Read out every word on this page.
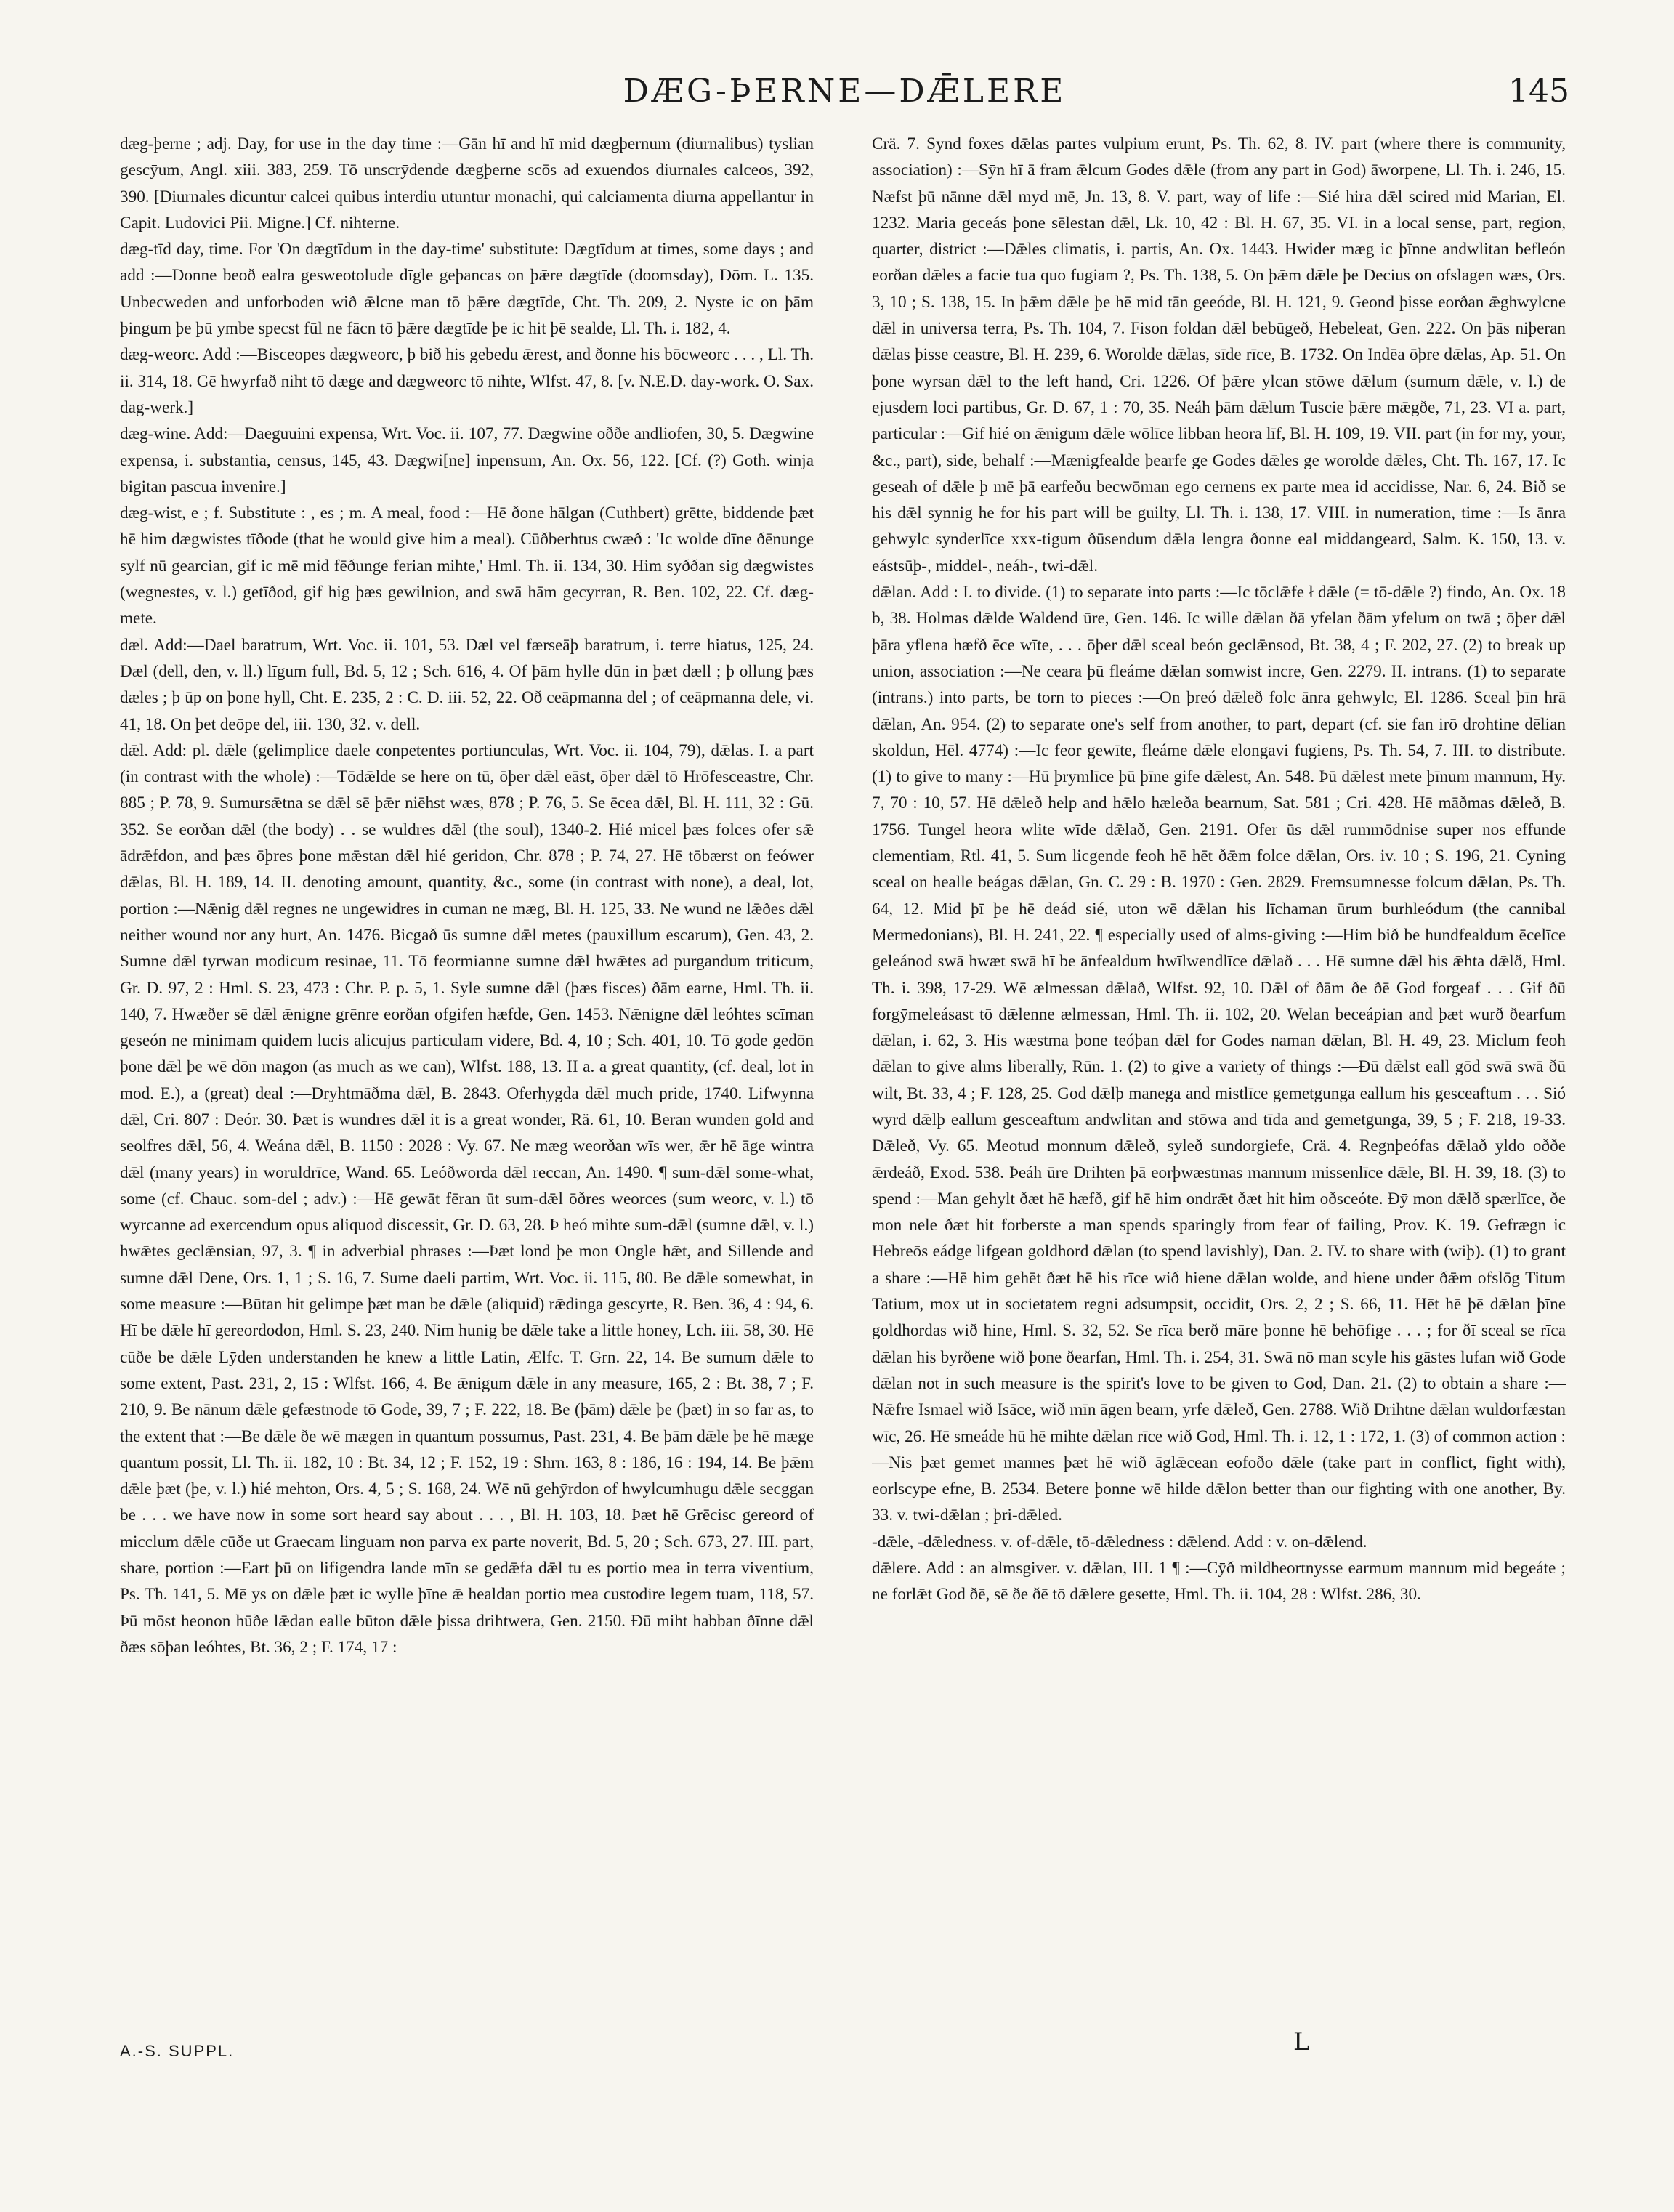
DÆG-ÞERNE—DǢLERE	145

dæg-þerne ; adj. Day, for use in the day time :—Gān hī and hī mid dægþernum (diurnalibus) tyslian gescȳum, Angl. xiii. 383, 259. Tō unscrȳdende dægþerne scōs ad exuendos diurnales calceos, 392, 390. [Diurnales dicuntur calcei quibus interdiu utuntur monachi, qui calciamenta diurna appellantur in Capit. Ludovici Pii. Migne.] Cf. nihterne.

dæg-tīd day, time. For 'On dægtīdum in the day-time' substitute: Dægtīdum at times, some days ; and add :—Ðonne beoð ealra gesweotolude dīgle geþancas on þǣre dægtīde (doomsday), Dōm. L. 135. Unbecweden and unforboden wið ǣlcne man tō þǣre dægtīde, Cht. Th. 209, 2. Nyste ic on þām þingum þe þū ymbe specst fūl ne fācn tō þǣre dægtīde þe ic hit þē sealde, Ll. Th. i. 182, 4.

dæg-weorc. Add :—Bisceopes dægweorc, þ bið his gebedu ǣrest, and ðonne his bōcweorc . . . , Ll. Th. ii. 314, 18. Gē hwyrfað niht tō dæge and dægweorc tō nihte, Wlfst. 47, 8. [v. N.E.D. day-work. O. Sax. dag-werk.]

dæg-wine. Add:—Daeguuini expensa, Wrt. Voc. ii. 107, 77. Dægwine oððe andliofen, 30, 5. Dægwine expensa, i. substantia, census, 145, 43. Dægwi[ne] inpensum, An. Ox. 56, 122. [Cf. (?) Goth. winja bigitan pascua invenire.]

dæg-wist, e ; f. Substitute : , es ; m. A meal, food :—Hē ðone hālgan (Cuthbert) grētte, biddende þæt hē him dægwistes tīðode (that he would give him a meal). Cūðberhtus cwæð : 'Ic wolde dīne ðēnunge sylf nū gearcian, gif ic mē mid fēðunge ferian mihte,' Hml. Th. ii. 134, 30. Him syððan sig dægwistes (wegnestes, v. l.) getīðod, gif hig þæs gewilnion, and swā hām gecyrran, R. Ben. 102, 22. Cf. dæg-mete.

dæl. Add:—Dael baratrum, Wrt. Voc. ii. 101, 53. Dæl vel færseāþ baratrum, i. terre hiatus, 125, 24. Dæl (dell, den, v. ll.) līgum full, Bd. 5, 12 ; Sch. 616, 4. Of þām hylle dūn in þæt dæll ; þ ollung þæs dæles ; þ ūp on þone hyll, Cht. E. 235, 2 : C. D. iii. 52, 22. Oð ceāpmanna del ; of ceāpmanna dele, vi. 41, 18. On þet deōpe del, iii. 130, 32. v. dell.

dǣl. Add: pl. dǣle (gelimplice daele conpetentes portiunculas, Wrt. Voc. ii. 104, 79), dǣlas. I. a part (in contrast with the whole) :—Tōdǣlde se here on tū, ōþer dǣl eāst, ōþer dǣl tō Hrōfesceastre, Chr. 885 ; P. 78, 9. Sumursǣtna se dǣl sē þǣr niēhst wæs, 878 ; P. 76, 5. Se ēcea dǣl, Bl. H. 111, 32 : Gū. 352. Se eorðan dǣl (the body) . . se wuldres dǣl (the soul), 1340-2. Hié micel þæs folces ofer sǣ ādrǣfdon, and þæs ōþres þone mǣstan dǣl hié geridon, Chr. 878 ; P. 74, 27. Hē tōbærst on feówer dǣlas, Bl. H. 189, 14. II. denoting amount, quantity, &c., some (in contrast with none), a deal, lot, portion :—Nǣnig dǣl regnes ne ungewidres in cuman ne mæg, Bl. H. 125, 33. Ne wund ne lǣðes dǣl neither wound nor any hurt, An. 1476. Bicgað ūs sumne dǣl metes (pauxillum escarum), Gen. 43, 2. Sumne dǣl tyrwan modicum resinae, 11. Tō feormianne sumne dǣl hwǣtes ad purgandum triticum, Gr. D. 97, 2 : Hml. S. 23, 473 : Chr. P. p. 5, 1. Syle sumne dǣl (þæs fisces) ðām earne, Hml. Th. ii. 140, 7. Hwæðer sē dǣl ǣnigne grēnre eorðan ofgifen hæfde, Gen. 1453. Nǣnigne dǣl leóhtes scīman geseón ne minimam quidem lucis alicujus particulam videre, Bd. 4, 10 ; Sch. 401, 10. Tō gode gedōn þone dǣl þe wē dōn magon (as much as we can), Wlfst. 188, 13. II a. a great quantity, (cf. deal, lot in mod. E.), a (great) deal :—Dryhtmāðma dǣl, B. 2843. Oferhygda dǣl much pride, 1740. Lifwynna dǣl, Cri. 807 : Deór. 30. Þæt is wundres dǣl it is a great wonder, Rä. 61, 10. Beran wunden gold and seolfres dǣl, 56, 4. Weána dǣl, B. 1150 : 2028 : Vy. 67. Ne mæg weorðan wīs wer, ǣr hē āge wintra dǣl (many years) in woruldrīce, Wand. 65. Leóðworda dǣl reccan, An. 1490. ¶ sum-dǣl some-what, some (cf. Chauc. som-del ; adv.) :—Hē gewāt fēran ūt sum-dǣl ōðres weorces (sum weorc, v. l.) tō wyrcanne ad exercendum opus aliquod discessit, Gr. D. 63, 28. Þ heó mihte sum-dǣl (sumne dǣl, v. l.) hwǣtes geclǣnsian, 97, 3. ¶ in adverbial phrases :—Þæt lond þe mon Ongle hǣt, and Sillende and sumne dǣl Dene, Ors. 1, 1 ; S. 16, 7. Sume daeli partim, Wrt. Voc. ii. 115, 80. Be dǣle somewhat, in some measure :—Būtan hit gelimpe þæt man be dǣle (aliquid) rǣdinga gescyrte, R. Ben. 36, 4 : 94, 6. Hī be dǣle hī gereordodon, Hml. S. 23, 240. Nim hunig be dǣle take a little honey, Lch. iii. 58, 30. Hē cūðe be dǣle Lȳden understanden he knew a little Latin, Ælfc. T. Grn. 22, 14. Be sumum dǣle to some extent, Past. 231, 2, 15 : Wlfst. 166, 4. Be ǣnigum dǣle in any measure, 165, 2 : Bt. 38, 7 ; F. 210, 9. Be nānum dǣle gefæstnode tō Gode, 39, 7 ; F. 222, 18. Be (þām) dǣle þe (þæt) in so far as, to the extent that :—Be dǣle ðe wē mægen in quantum possumus, Past. 231, 4. Be þām dǣle þe hē mæge quantum possit, Ll. Th. ii. 182, 10 : Bt. 34, 12 ; F. 152, 19 : Shrn. 163, 8 : 186, 16 : 194, 14. Be þǣm dǣle þæt (þe, v. l.) hié mehton, Ors. 4, 5 ; S. 168, 24. Wē nū gehȳrdon of hwylcumhugu dǣle secggan be . . . we have now in some sort heard say about . . . , Bl. H. 103, 18. Þæt hē Grēcisc gereord of micclum dǣle cūðe ut Graecam linguam non parva ex parte noverit, Bd. 5, 20 ; Sch. 673, 27. III. part, share, portion :—Eart þū on lifigendra lande mīn se gedǣfa dǣl tu es portio mea in terra viventium, Ps. Th. 141, 5. Mē ys on dǣle þæt ic wylle þīne ǣ healdan portio mea custodire legem tuam, 118, 57. Þū mōst heonon hūðe lǣdan ealle būton dǣle þissa drihtwera, Gen. 2150. Ðū miht habban ðīnne dǣl ðæs sōþan leóhtes, Bt. 36, 2 ; F. 174, 17 :

Crä. 7. Synd foxes dǣlas partes vulpium erunt, Ps. Th. 62, 8. IV. part (where there is community, association) :—Sȳn hī ā fram ǣlcum Godes dǣle (from any part in God) āworpene, Ll. Th. i. 246, 15. Næfst þū nānne dǣl myd mē, Jn. 13, 8. V. part, way of life :—Sié hira dǣl scired mid Marian, El. 1232. Maria geceás þone sēlestan dǣl, Lk. 10, 42 : Bl. H. 67, 35. VI. in a local sense, part, region, quarter, district :—Dǣles climatis, i. partis, An. Ox. 1443. Hwider mæg ic þīnne andwlitan befleón eorðan dǣles a facie tua quo fugiam ?, Ps. Th. 138, 5. On þǣm dǣle þe Decius on ofslagen wæs, Ors. 3, 10 ; S. 138, 15. In þǣm dǣle þe hē mid tān geeóde, Bl. H. 121, 9. Geond þisse eorðan ǣghwylcne dǣl in universa terra, Ps. Th. 104, 7. Fison foldan dǣl bebūgeð, Hebeleat, Gen. 222. On þās niþeran dǣlas þisse ceastre, Bl. H. 239, 6. Worolde dǣlas, sīde rīce, B. 1732. On Indēa ōþre dǣlas, Ap. 51. On þone wyrsan dǣl to the left hand, Cri. 1226. Of þǣre ylcan stōwe dǣlum (sumum dǣle, v. l.) de ejusdem loci partibus, Gr. D. 67, 1 : 70, 35. Neáh þām dǣlum Tuscie þǣre mǣgðe, 71, 23. VI a. part, particular :—Gif hié on ǣnigum dǣle wōlīce libban heora līf, Bl. H. 109, 19. VII. part (in for my, your, &c., part), side, behalf :—Mænigfealde þearfe ge Godes dǣles ge worolde dǣles, Cht. Th. 167, 17. Ic geseah of dǣle þ mē þā earfeðu becwōman ego cernens ex parte mea id accidisse, Nar. 6, 24. Bið se his dǣl synnig he for his part will be guilty, Ll. Th. i. 138, 17. VIII. in numeration, time :—Is ānra gehwylc synderlīce xxx-tigum ðūsendum dǣla lengra ðonne eal middangeard, Salm. K. 150, 13. v. eástsūþ-, middel-, neáh-, twi-dǣl.

dǣlan. Add : I. to divide. (1) to separate into parts :—Ic tōclǣfe ł dǣle (= tō-dǣle ?) findo, An. Ox. 18 b, 38. Holmas dǣlde Waldend ūre, Gen. 146. Ic wille dǣlan ðā yfelan ðām yfelum on twā ; ōþer dǣl þāra yflena hæfð ēce wīte, . . . ōþer dǣl sceal beón geclǣnsod, Bt. 38, 4 ; F. 202, 27. (2) to break up union, association :—Ne ceara þū fleáme dǣlan somwist incre, Gen. 2279. II. intrans. (1) to separate (intrans.) into parts, be torn to pieces :—On þreó dǣleð folc ānra gehwylc, El. 1286. Sceal þīn hrā dǣlan, An. 954. (2) to separate one's self from another, to part, depart (cf. sie fan irō drohtine dēlian skoldun, Hēl. 4774) :—Ic feor gewīte, fleáme dǣle elongavi fugiens, Ps. Th. 54, 7. III. to distribute. (1) to give to many :—Hū þrymlīce þū þīne gife dǣlest, An. 548. Þū dǣlest mete þīnum mannum, Hy. 7, 70 : 10, 57. Hē dǣleð help and hǣlo hæleða bearnum, Sat. 581 ; Cri. 428. Hē māðmas dǣleð, B. 1756. Tungel heora wlite wīde dǣlað, Gen. 2191. Ofer ūs dǣl rummōdnise super nos effunde clementiam, Rtl. 41, 5. Sum licgende feoh hē hēt ðǣm folce dǣlan, Ors. iv. 10 ; S. 196, 21. Cyning sceal on healle beágas dǣlan, Gn. C. 29 : B. 1970 : Gen. 2829. Fremsumnesse folcum dǣlan, Ps. Th. 64, 12. Mid þī þe hē deád sié, uton wē dǣlan his līchaman ūrum burhleódum (the cannibal Mermedonians), Bl. H. 241, 22. ¶ especially used of alms-giving :—Him bið be hundfealdum ēcelīce geleánod swā hwæt swā hī be ānfealdum hwīlwendlīce dǣlað . . . Hē sumne dǣl his ǣhta dǣlð, Hml. Th. i. 398, 17-29. Wē ælmessan dǣlað, Wlfst. 92, 10. Dǣl of ðām ðe ðē God forgeaf . . . Gif ðū forgȳmeleásast tō dǣlenne ælmessan, Hml. Th. ii. 102, 20. Welan beceápian and þæt wurð ðearfum dǣlan, i. 62, 3. His wæstma þone teóþan dǣl for Godes naman dǣlan, Bl. H. 49, 23. Miclum feoh dǣlan to give alms liberally, Rūn. 1. (2) to give a variety of things :—Ðū dǣlst eall gōd swā swā ðū wilt, Bt. 33, 4 ; F. 128, 25. God dǣlþ manega and mistlīce gemetgunga eallum his gesceaftum . . . Sió wyrd dǣlþ eallum gesceaftum andwlitan and stōwa and tīda and gemetgunga, 39, 5 ; F. 218, 19-33. Dǣleð, Vy. 65. Meotud monnum dǣleð, syleð sundorgiefe, Crä. 4. Regnþeófas dǣlað yldo oððe ǣrdeáð, Exod. 538. Þeáh ūre Drihten þā eorþwæstmas mannum missenlīce dǣle, Bl. H. 39, 18. (3) to spend :—Man gehylt ðæt hē hæfð, gif hē him ondrǣt ðæt hit him oðsceóte. Ðȳ mon dǣlð spærlīce, ðe mon nele ðæt hit forberste a man spends sparingly from fear of failing, Prov. K. 19. Gefrægn ic Hebreōs eádge lifgean goldhord dǣlan (to spend lavishly), Dan. 2. IV. to share with (wiþ). (1) to grant a share :—Hē him gehēt ðæt hē his rīce wið hiene dǣlan wolde, and hiene under ðǣm ofslōg Titum Tatium, mox ut in societatem regni adsumpsit, occidit, Ors. 2, 2 ; S. 66, 11. Hēt hē þē dǣlan þīne goldhordas wið hine, Hml. S. 32, 52. Se rīca berð māre þonne hē behōfige . . . ; for ðī sceal se rīca dǣlan his byrðene wið þone ðearfan, Hml. Th. i. 254, 31. Swā nō man scyle his gāstes lufan wið Gode dǣlan not in such measure is the spirit's love to be given to God, Dan. 21. (2) to obtain a share :—Nǣfre Ismael wið Isāce, wið mīn āgen bearn, yrfe dǣleð, Gen. 2788. Wið Drihtne dǣlan wuldorfæstan wīc, 26. Hē smeáde hū hē mihte dǣlan rīce wið God, Hml. Th. i. 12, 1 : 172, 1. (3) of common action :—Nis þæt gemet mannes þæt hē wið āglǣcean eofoðo dǣle (take part in conflict, fight with), eorlscype efne, B. 2534. Betere þonne wē hilde dǣlon better than our fighting with one another, By. 33. v. twi-dǣlan ; þri-dǣled.

-dǣle, -dǣledness. v. of-dǣle, tō-dǣledness : dǣlend. Add : v. on-dǣlend.

dǣlere. Add : an almsgiver. v. dǣlan, III. 1 ¶ :—Cȳð mildheortnysse earmum mannum mid begeáte ; ne forlǣt God ðē, sē ðe ðē tō dǣlere gesette, Hml. Th. ii. 104, 28 : Wlfst. 286, 30.

A.-S. SUPPL.	L
